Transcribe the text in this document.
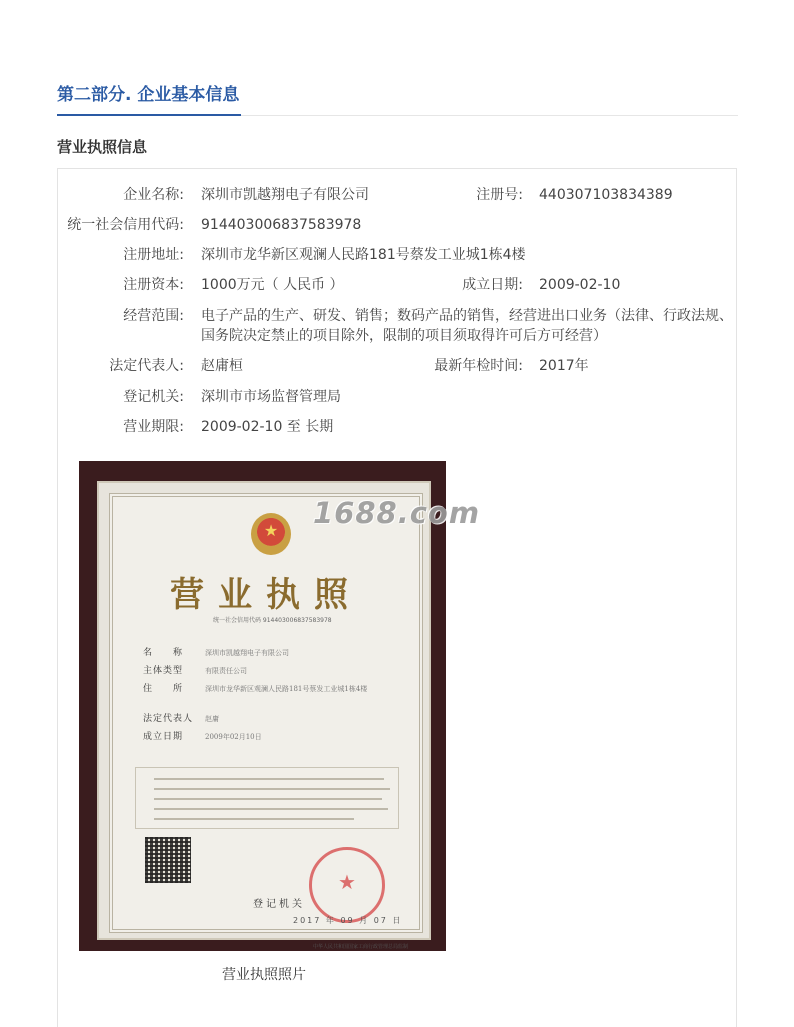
第二部分. 企业基本信息
营业执照信息
企业名称: 深圳市凯越翔电子有限公司	注册号: 440307103834389
统一社会信用代码: 914403006837583978
注册地址: 深圳市龙华新区观澜人民路181号蔡发工业城1栋4楼
注册资本: 1000万元（ 人民币 ）	成立日期: 2009-02-10
经营范围: 电子产品的生产、研发、销售；数码产品的销售，经营进出口业务（法律、行政法规、国务院决定禁止的项目除外，限制的项目须取得许可后方可经营）
法定代表人: 赵庸桓	最新年检时间: 2017年
登记机关: 深圳市市场监督管理局
营业期限: 2009-02-10 至 长期
★
营业执照
统一社会信用代码 914403006837583978
名　　称	深圳市凯越翔电子有限公司
主体类型	有限责任公司
住　　所	深圳市龙华新区观澜人民路181号蔡发工业城1栋4楼
法定代表人 赵庸
成立日期	2009年02月10日
★
登记机关
2017 年 09 月 07 日
中华人民共和国国家工商行政管理总局监制
1688.com
营业执照照片
